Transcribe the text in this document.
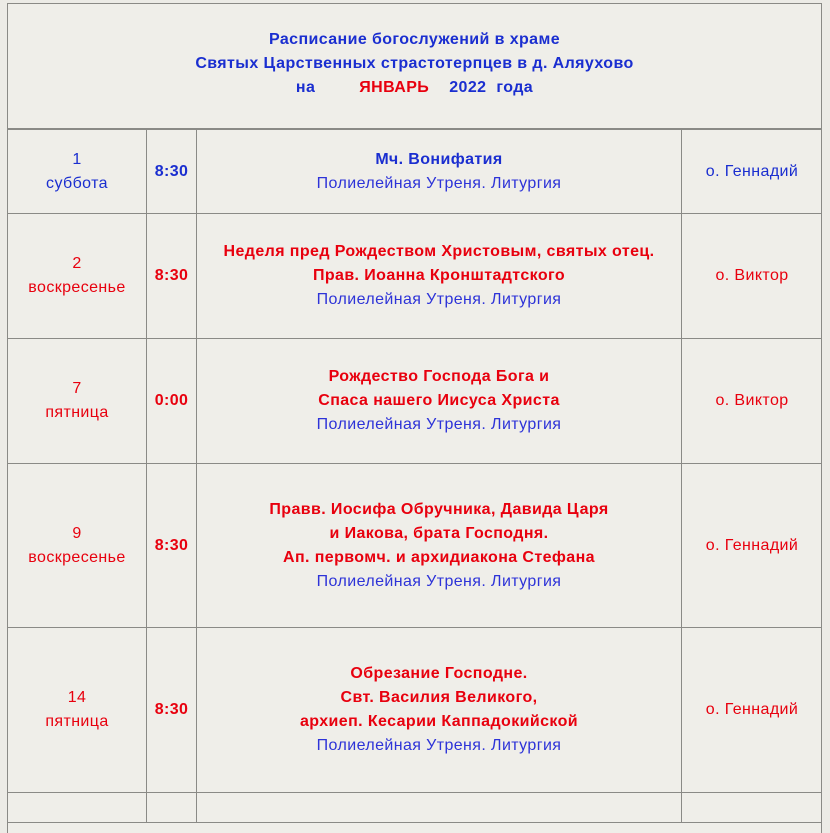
Расписание богослужений в храме
Святых Царственных страстотерпцев в д. Аляухово
на	ЯНВАРЬ 2022 года
1
суббота	8:30	Мч. Вонифатия
Полиелейная Утреня. Литургия	о. Геннадий

2
воскресенье	8:30	Неделя пред Рождеством Христовым, святых отец.
Прав. Иоанна Кронштадтского
Полиелейная Утреня. Литургия	о. Виктор

7
пятница	0:00	Рождество Господа Бога и
Спаса нашего Иисуса Христа
Полиелейная Утреня. Литургия	о. Виктор

9
воскресенье	8:30	Правв. Иосифа Обручника, Давида Царя
и Иакова, брата Господня.
Ап. первомч. и архидиакона Стефана
Полиелейная Утреня. Литургия	о. Геннадий

14
пятница	8:30	Обрезание Господне.
Свт. Василия Великого,
архиеп. Кесарии Каппадокийской
Полиелейная Утреня. Литургия	о. Геннадий
